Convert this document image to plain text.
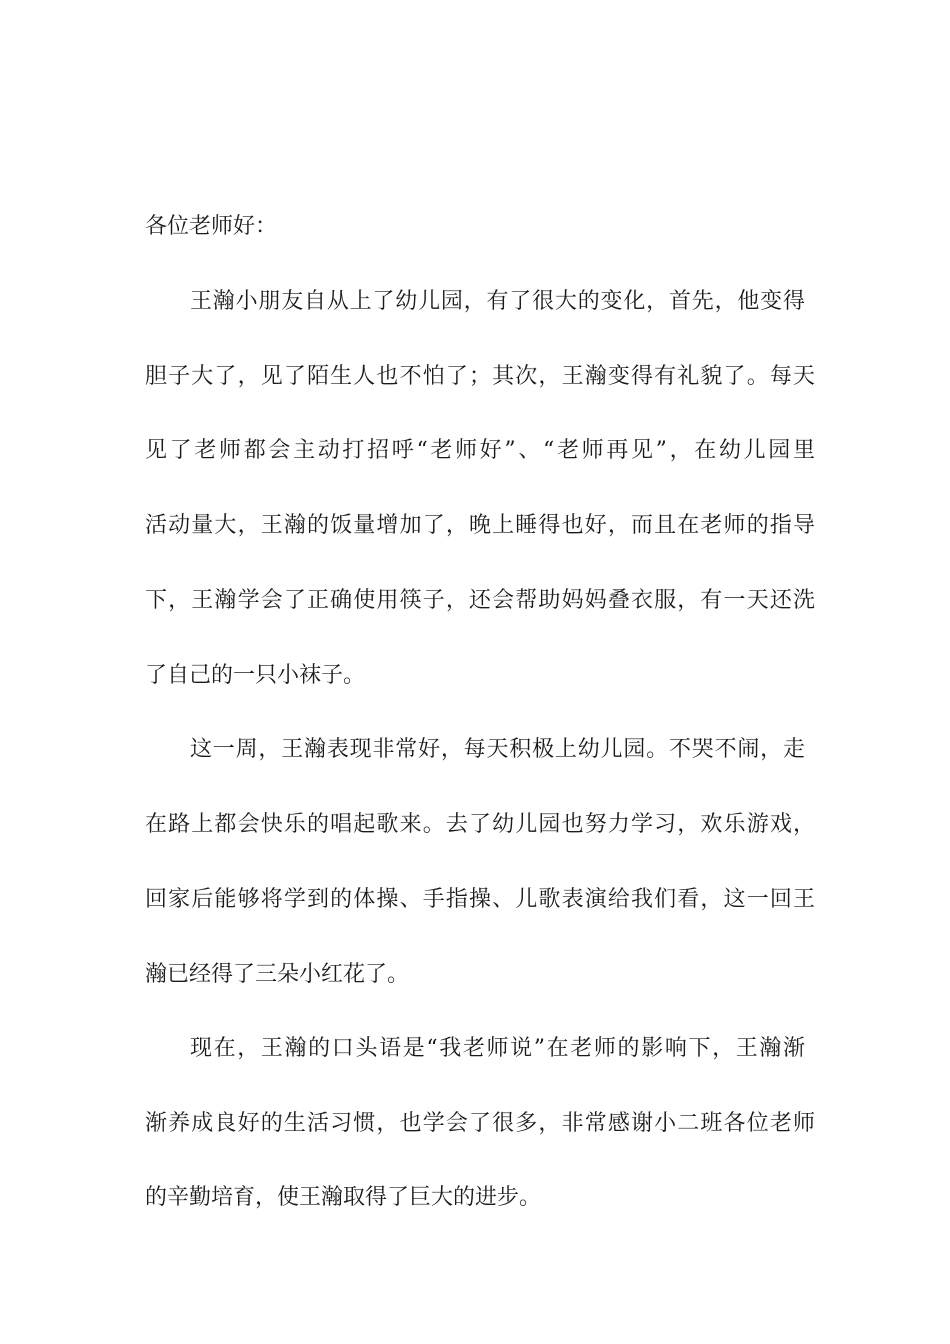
各位老师好：
王瀚小朋友自从上了幼儿园，有了很大的变化，首先，他变得
胆子大了，见了陌生人也不怕了；其次，王瀚变得有礼貌了。每天
见了老师都会主动打招呼“老师好”、“老师再见”，在幼儿园里
活动量大，王瀚的饭量增加了，晚上睡得也好，而且在老师的指导
下，王瀚学会了正确使用筷子，还会帮助妈妈叠衣服，有一天还洗
了自己的一只小袜子。
这一周，王瀚表现非常好，每天积极上幼儿园。不哭不闹，走
在路上都会快乐的唱起歌来。去了幼儿园也努力学习，欢乐游戏，
回家后能够将学到的体操、手指操、儿歌表演给我们看，这一回王
瀚已经得了三朵小红花了。
现在，王瀚的口头语是“我老师说”在老师的影响下，王瀚渐
渐养成良好的生活习惯，也学会了很多，非常感谢小二班各位老师
的辛勤培育，使王瀚取得了巨大的进步。
